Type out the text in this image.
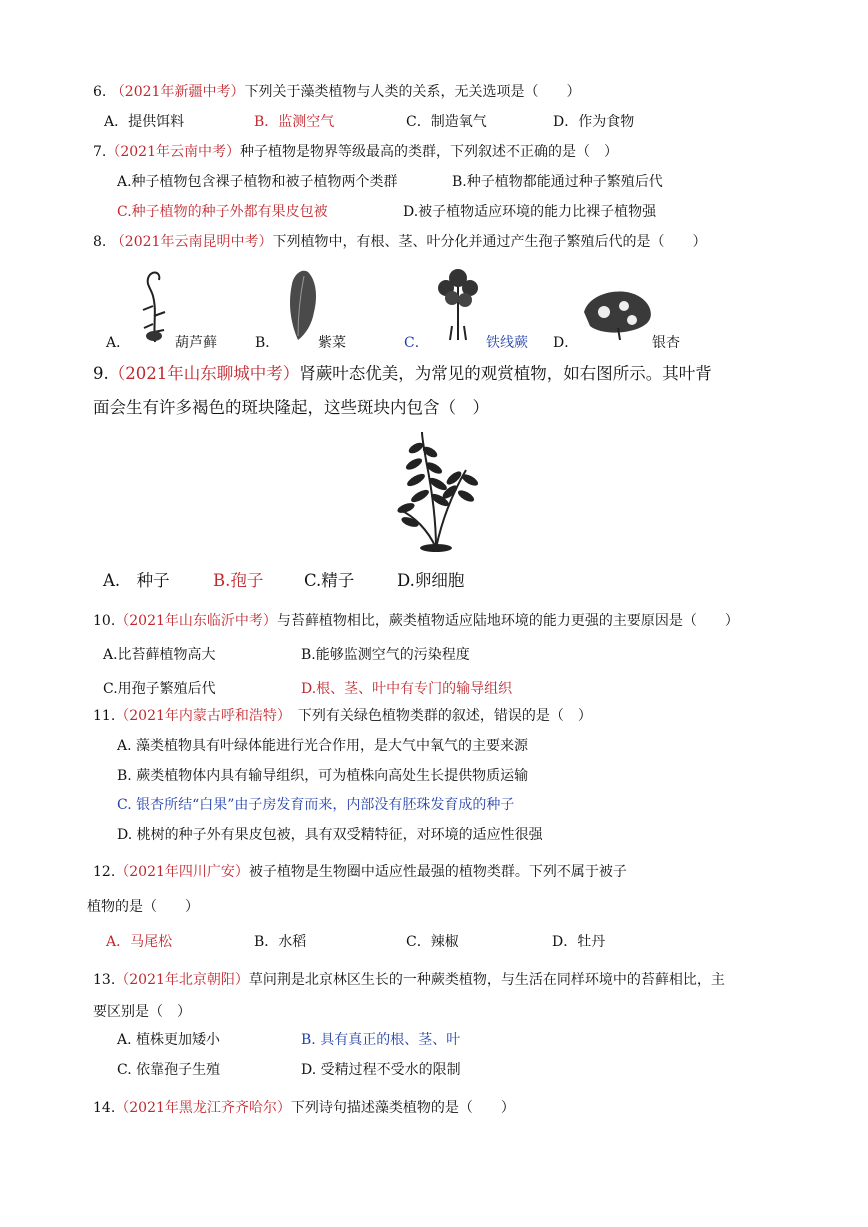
6. （2021年新疆中考）下列关于藻类植物与人类的关系，无关选项是（　　）
A．提供饵料	B．监测空气	C．制造氧气	D．作为食物
7.（2021年云南中考）种子植物是物界等级最高的类群，下列叙述不正确的是（　）
A.种子植物包含裸子植物和被子植物两个类群	B.种子植物都能通过种子繁殖后代
C.种子植物的种子外都有果皮包被	D.被子植物适应环境的能力比裸子植物强
8. （2021年云南昆明中考）下列植物中，有根、茎、叶分化并通过产生孢子繁殖后代的是（　　）
A．	葫芦藓	B．	紫菜	C．	铁线蕨 D．	银杏
9.（2021年山东聊城中考）肾蕨叶态优美，为常见的观赏植物，如右图所示。其叶背
面会生有许多褐色的斑块隆起，这些斑块内包含（　）
A.　种子	B.孢子 C.精子	D.卵细胞
10.（2021年山东临沂中考）与苔藓植物相比，蕨类植物适应陆地环境的能力更强的主要原因是（　　）
A.比苔藓植物高大	B.能够监测空气的污染程度
C.用孢子繁殖后代	D.根、茎、叶中有专门的输导组织
11.（2021年内蒙古呼和浩特）　 下列有关绿色植物类群的叙述，错误的是（　）
A. 藻类植物具有叶绿体能进行光合作用，是大气中氧气的主要来源
B. 蕨类植物体内具有输导组织，可为植株向高处生长提供物质运输
C. 银杏所结“白果”由子房发育而来，内部没有胚珠发育成的种子
D. 桃树的种子外有果皮包被，具有双受精特征，对环境的适应性很强
12.（2021年四川广安）被子植物是生物圈中适应性最强的植物类群。下列不属于被子
植物的是（　　）
A．马尾松	B．水稻	C．辣椒	D．牡丹
13.（2021年北京朝阳）草问荆是北京林区生长的一种蕨类植物，与生活在同样环境中的苔藓相比，主
要区别是（　）
A. 植株更加矮小	B. 具有真正的根、茎、叶
C. 依靠孢子生殖	D. 受精过程不受水的限制
14.（2021年黑龙江齐齐哈尔）下列诗句描述藻类植物的是（　　）
